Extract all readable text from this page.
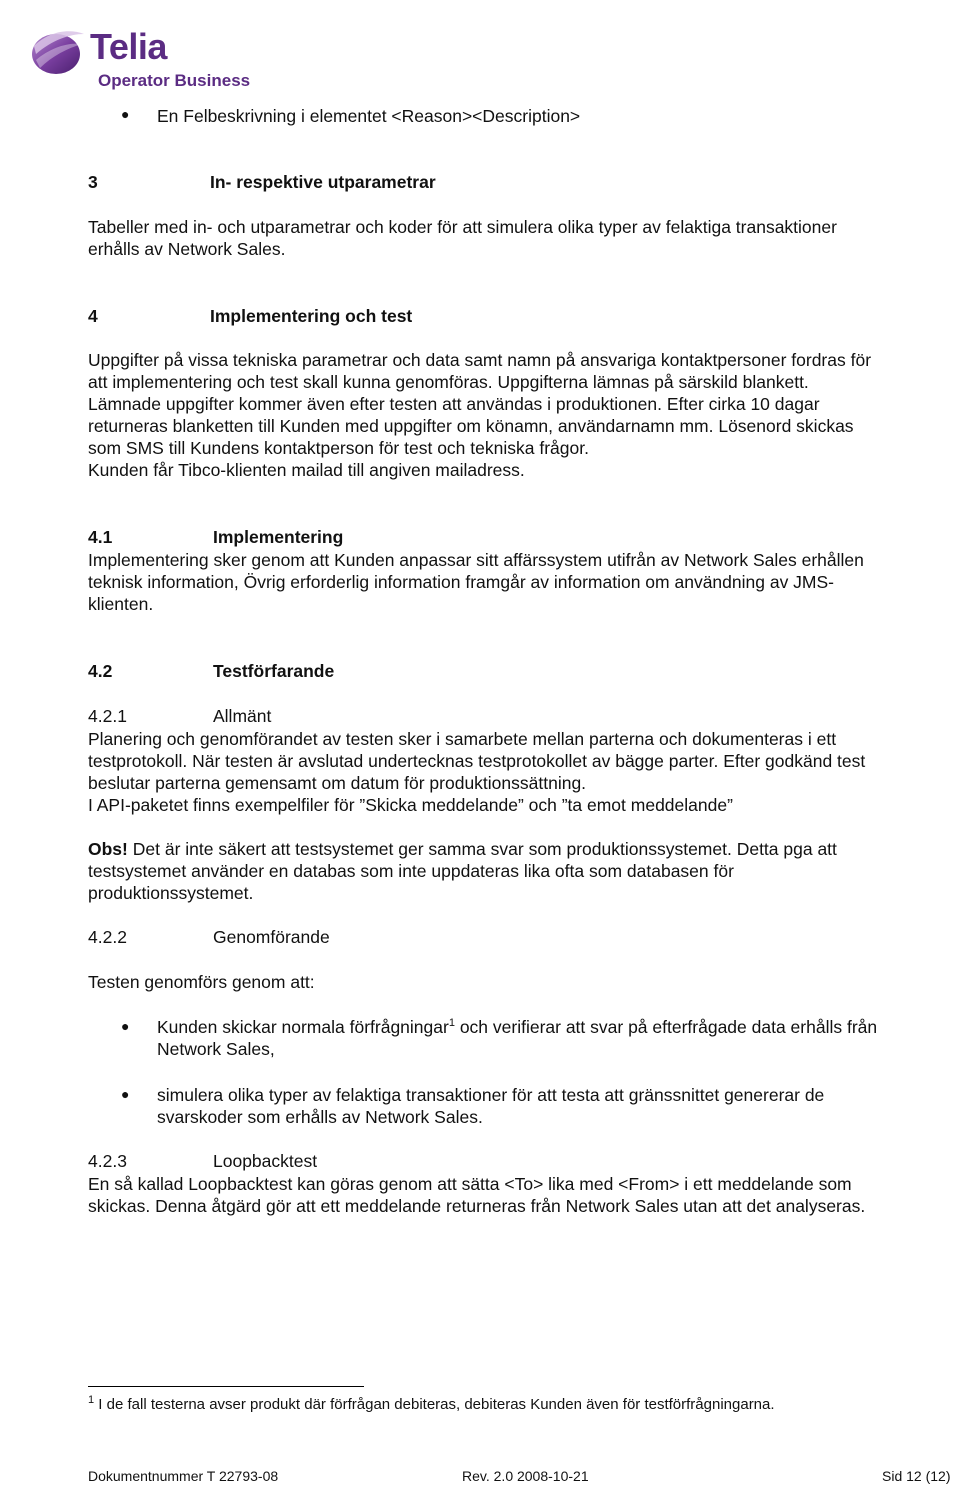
Telia
Operator Business
● En Felbeskrivning i elementet <Reason><Description>
3	In- respektive utparametrar
Tabeller med in- och utparametrar och koder för att simulera olika typer av felaktiga transaktioner
erhålls av Network Sales.
4	Implementering och test
Uppgifter på vissa tekniska parametrar och data samt namn på ansvariga kontaktpersoner fordras för
att implementering och test skall kunna genomföras. Uppgifterna lämnas på särskild blankett.
Lämnade uppgifter kommer även efter testen att användas i produktionen. Efter cirka 10 dagar
returneras blanketten till Kunden med uppgifter om könamn, användarnamn mm. Lösenord skickas
som SMS till Kundens kontaktperson för test och tekniska frågor.
Kunden får Tibco-klienten mailad till angiven mailadress.
4.1	Implementering
Implementering sker genom att Kunden anpassar sitt affärssystem utifrån av Network Sales erhållen
teknisk information, Övrig erforderlig information framgår av information om användning av JMS-
klienten.
4.2	Testförfarande
4.2.1	Allmänt
Planering och genomförandet av testen sker i samarbete mellan parterna och dokumenteras i ett
testprotokoll. När testen är avslutad undertecknas testprotokollet av bägge parter. Efter godkänd test
beslutar parterna gemensamt om datum för produktionssättning.
I API-paketet finns exempelfiler för ”Skicka meddelande” och ”ta emot meddelande”
Obs! Det är inte säkert att testsystemet ger samma svar som produktionssystemet. Detta pga att
testsystemet använder en databas som inte uppdateras lika ofta som databasen för
produktionssystemet.
4.2.2	Genomförande
Testen genomförs genom att:
● Kunden skickar normala förfrågningar$^1$ och verifierar att svar på efterfrågade data erhålls från
Network Sales,
● simulera olika typer av felaktiga transaktioner för att testa att gränssnittet genererar de
svarskoder som erhålls av Network Sales.
4.2.3	Loopbacktest
En så kallad Loopbacktest kan göras genom att sätta <To> lika med <From> i ett meddelande som
skickas. Denna åtgärd gör att ett meddelande returneras från Network Sales utan att det analyseras.
$^1$ I de fall testerna avser produkt där förfrågan debiteras, debiteras Kunden även för testförfrågningarna.
Dokumentnummer T 22793-08	Rev. 2.0 2008-10-21	Sid 12 (12)
